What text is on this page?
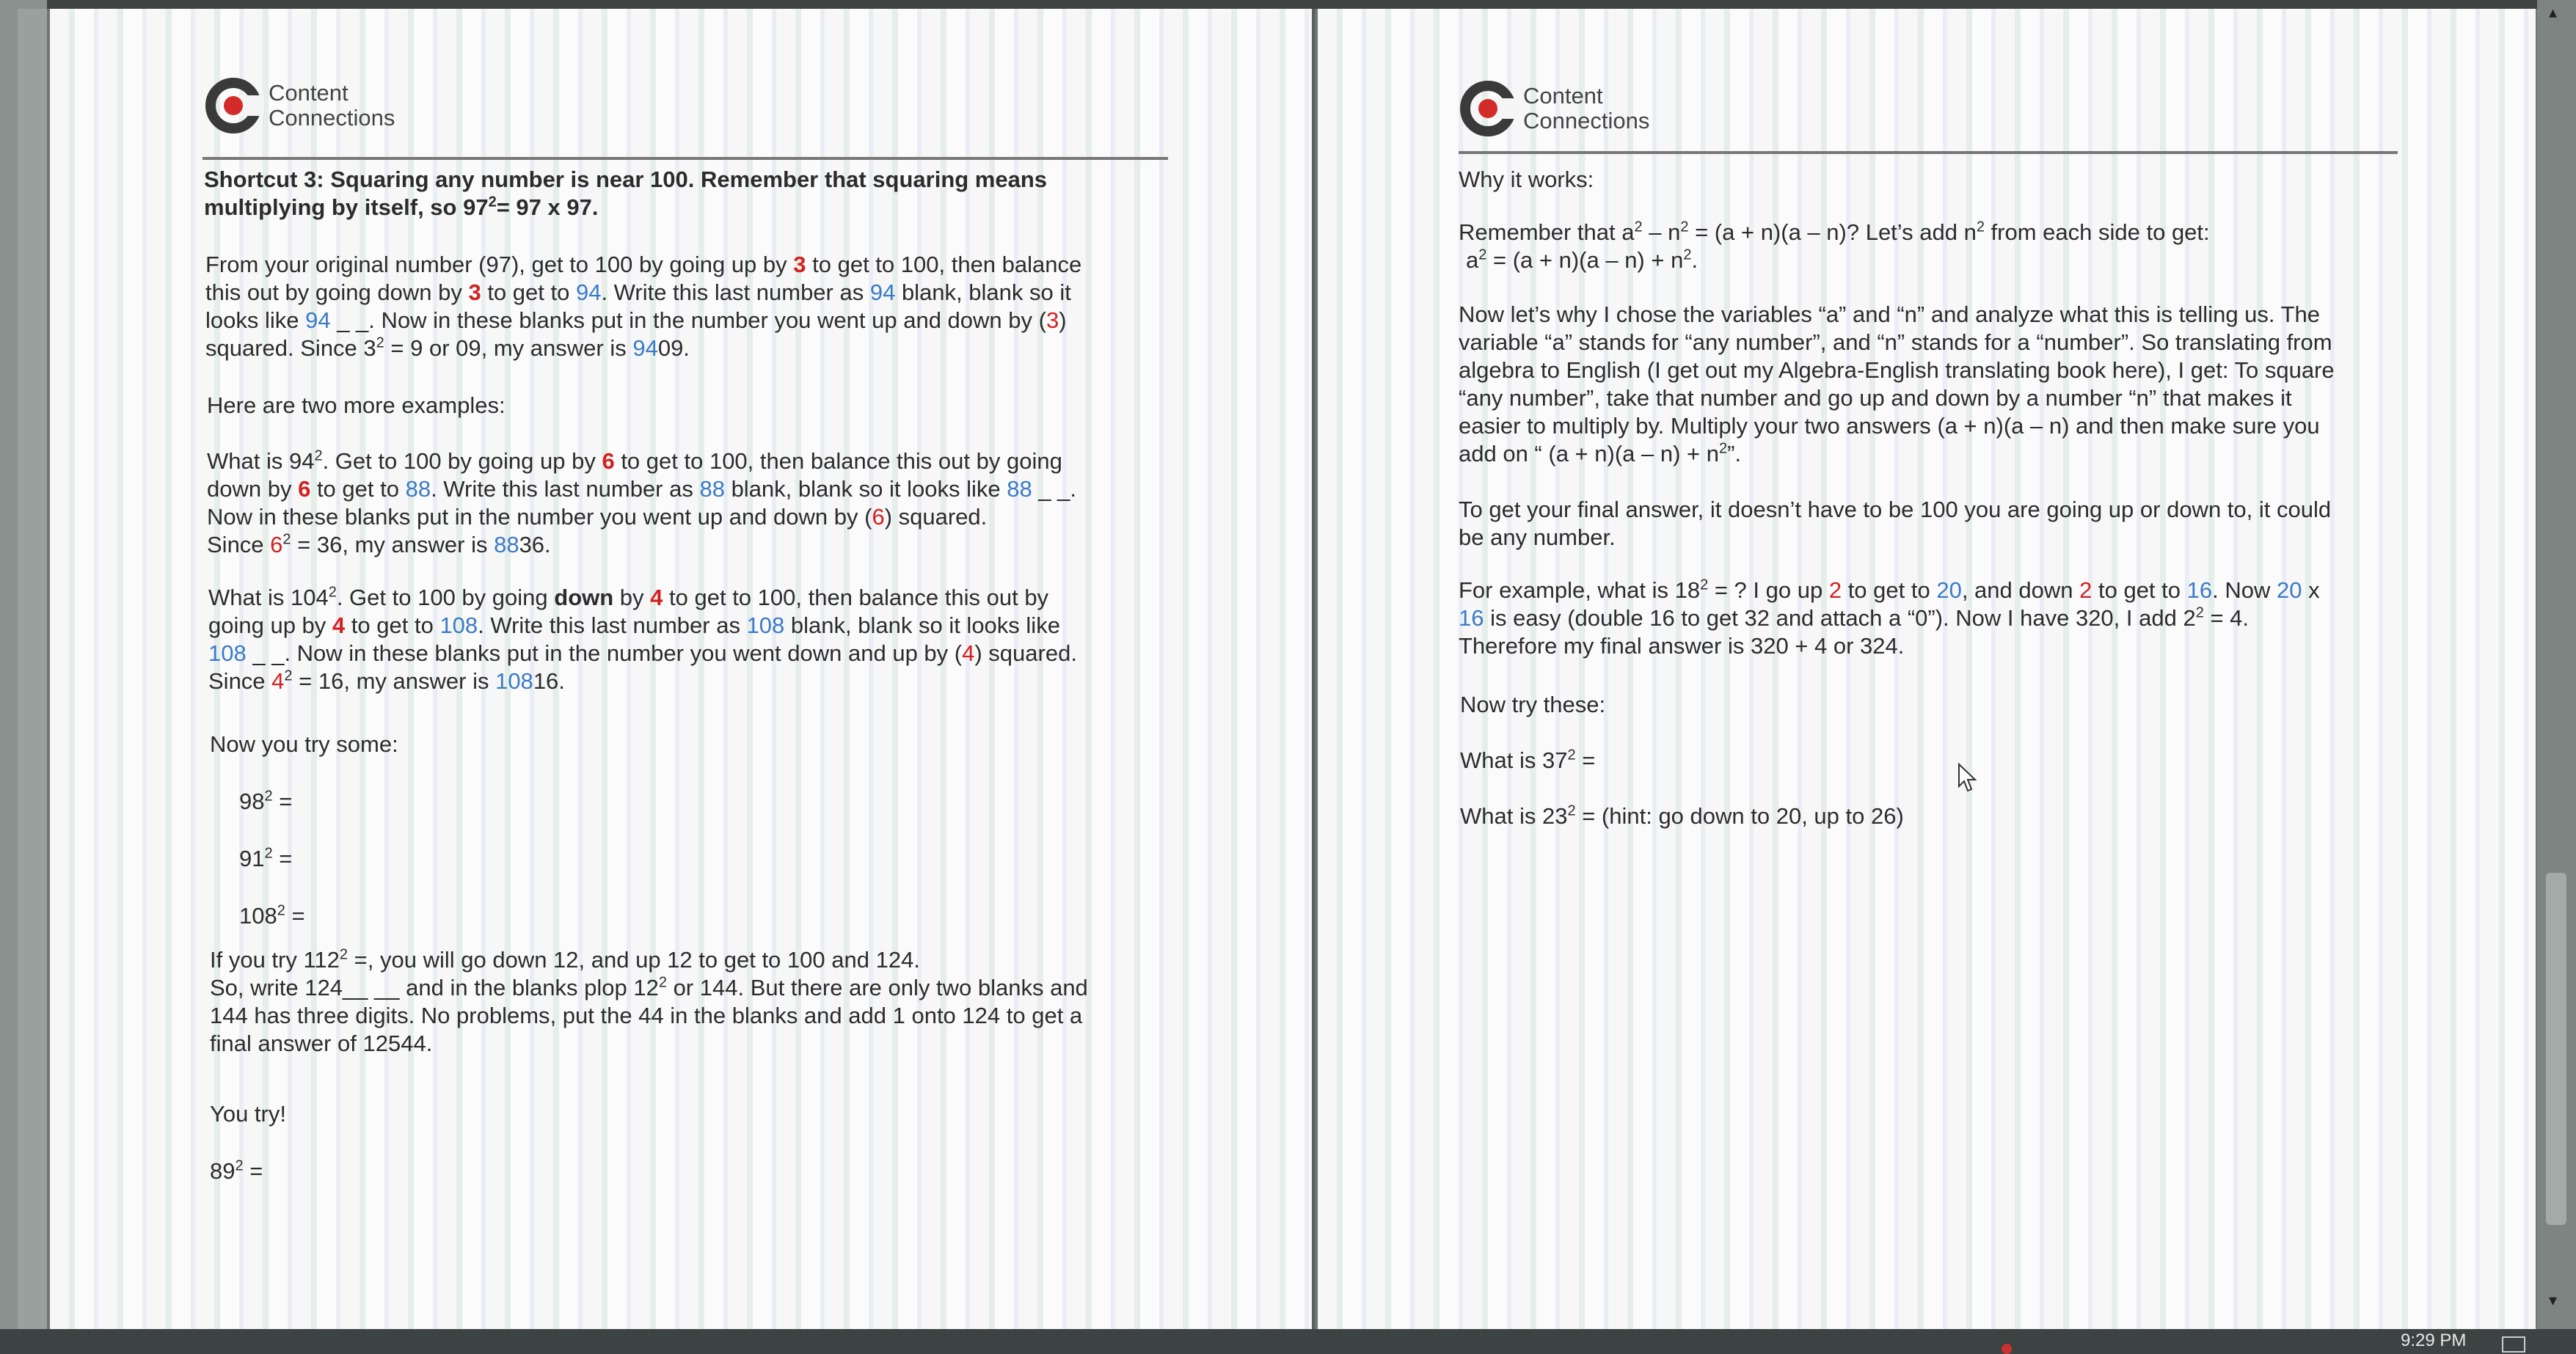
Content
Connections
Content
Connections

Shortcut 3: Squaring any number is near 100. Remember that squaring means

multiplying by itself, so $97^2= 97$ x 97.

From your original number (97), get to 100 by going up by 3 to get to 100, then balance

this out by going down by 3 to get to 94. Write this last number as 94 blank, blank so it

looks like 94 _ _. Now in these blanks put in the number you went up and down by (3)

squared. Since $3^2 = 9$ or 09, my answer is 9409.

Here are two more examples:

What is $94^2$. Get to 100 by going up by 6 to get to 100, then balance this out by going

down by 6 to get to 88. Write this last number as 88 blank, blank so it looks like 88 _ _.

Now in these blanks put in the number you went up and down by (6) squared.

Since $6^2 = 36$, my answer is 8836.

What is $104^2$. Get to 100 by going down by 4 to get to 100, then balance this out by

going up by 4 to get to 108. Write this last number as 108 blank, blank so it looks like

108 _ _. Now in these blanks put in the number you went down and up by (4) squared.

Since $4^2 = 16$, my answer is 10816.

Now you try some:

$98^2$ =

$91^2$ =

$108^2$ =

If you try $112^2$ =, you will go down 12, and up 12 to get to 100 and 124.

So, write 124__ __ and in the blanks plop $12^2$ or 144. But there are only two blanks and

144 has three digits. No problems, put the 44 in the blanks and add 1 onto 124 to get a

final answer of 12544.

You try!

$89^2$ =

Why it works:

Remember that $a^2 - n^2 = (a + n)(a - n)$? Let’s add $n^2$ from each side to get:

$a^2 = (a + n)(a - n) + n^2$.

Now let’s why I chose the variables “a” and “n” and analyze what this is telling us. The

variable “a” stands for “any number”, and “n” stands for a “number”. So translating from

algebra to English (I get out my Algebra-English translating book here), I get: To square

“any number”, take that number and go up and down by a number “n” that makes it

easier to multiply by. Multiply your two answers (a + n)(a – n) and then make sure you

add on “ $(a + n)(a - n) + n^2$”.

To get your final answer, it doesn’t have to be 100 you are going up or down to, it could

be any number.

For example, what is $18^2$ = ? I go up 2 to get to 20, and down 2 to get to 16. Now 20 x

16 is easy (double 16 to get 32 and attach a “0”). Now I have 320, I add $2^2 = 4$.

Therefore my final answer is 320 + 4 or 324.

Now try these:

What is $37^2$ =

What is $23^2$ = (hint: go down to 20, up to 26)

▴
▾
9:29 PM
